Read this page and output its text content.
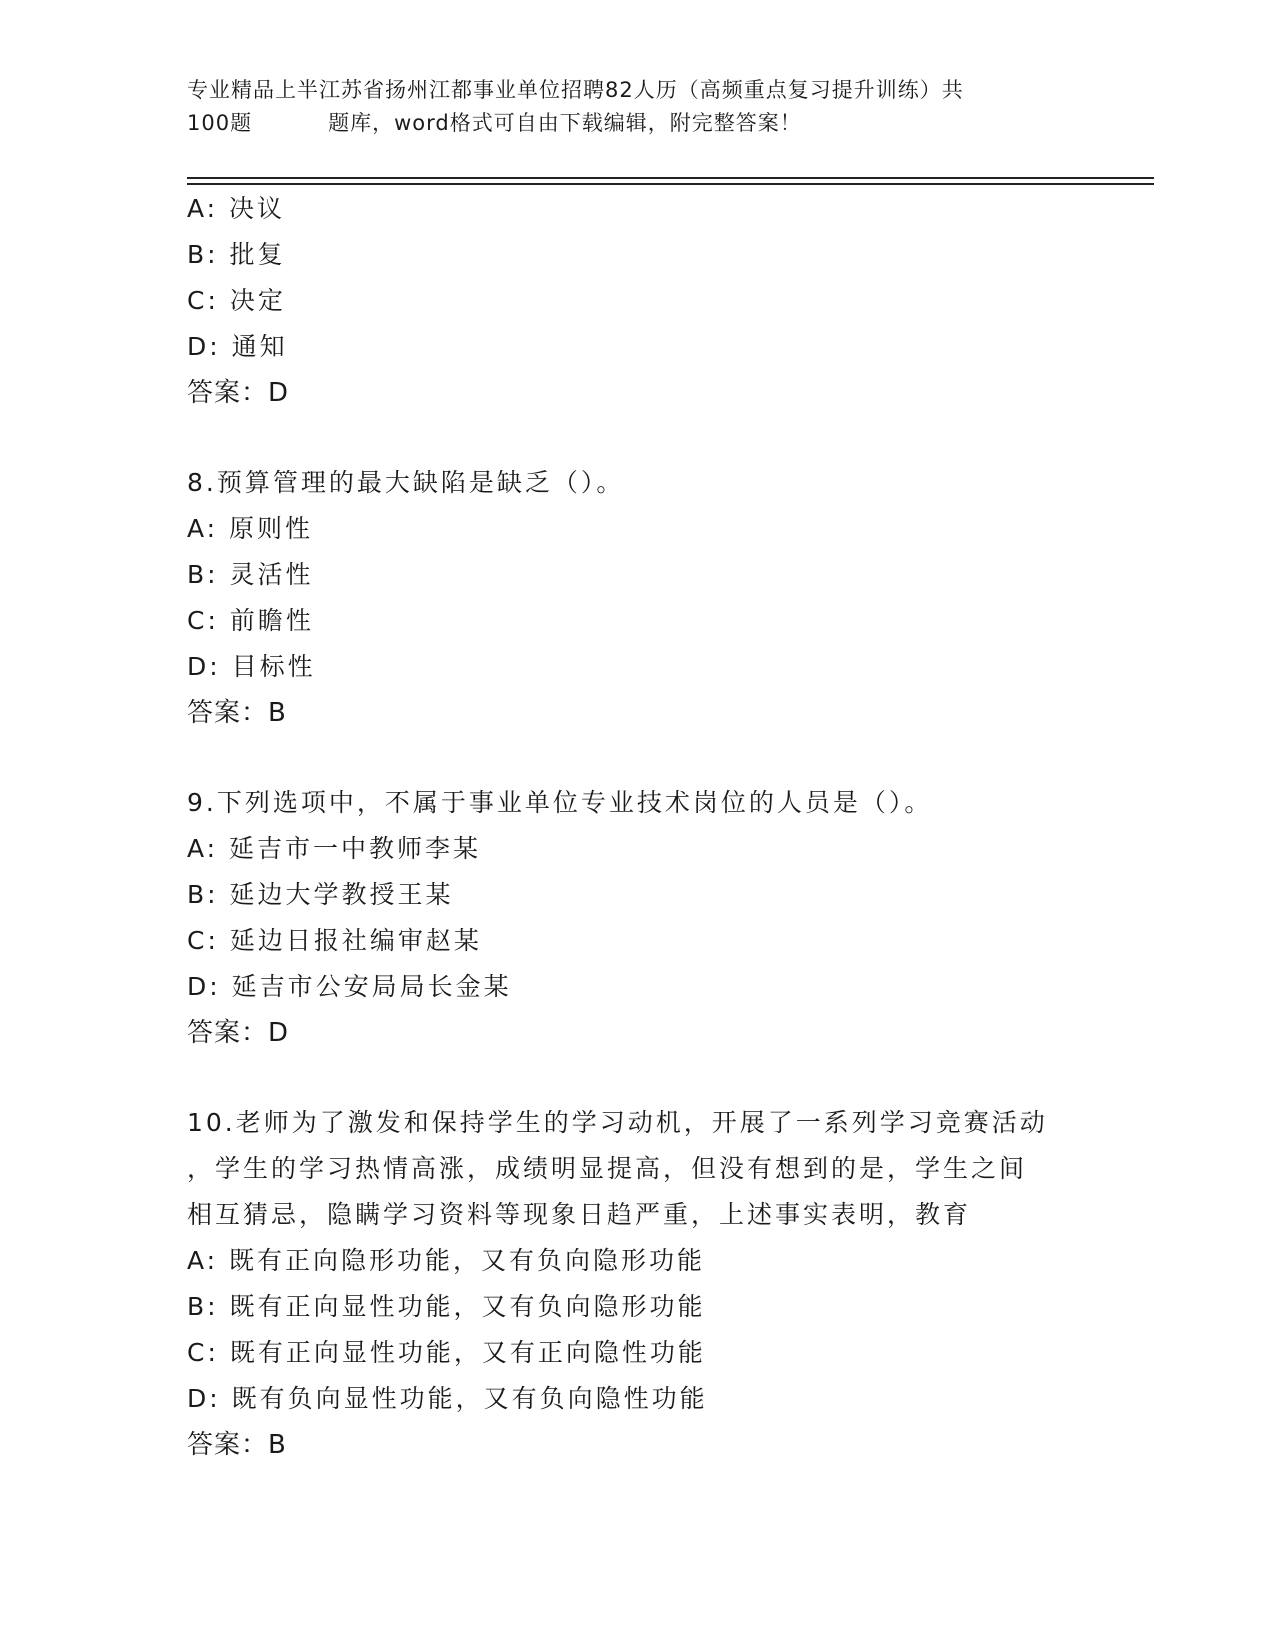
专业精品上半江苏省扬州江都事业单位招聘82人历（高频重点复习提升训练）共
100题	题库，word格式可自由下载编辑，附完整答案！
A: 决议
B: 批复
C: 决定
D: 通知
答案：D
8.预算管理的最大缺陷是缺乏（）。
A: 原则性
B: 灵活性
C: 前瞻性
D: 目标性
答案：B
9.下列选项中，不属于事业单位专业技术岗位的人员是（）。
A: 延吉市一中教师李某
B: 延边大学教授王某
C: 延边日报社编审赵某
D: 延吉市公安局局长金某
答案：D
10.老师为了激发和保持学生的学习动机，开展了一系列学习竞赛活动
，学生的学习热情高涨，成绩明显提高，但没有想到的是，学生之间
相互猜忌，隐瞒学习资料等现象日趋严重，上述事实表明，教育
A: 既有正向隐形功能，又有负向隐形功能
B: 既有正向显性功能，又有负向隐形功能
C: 既有正向显性功能，又有正向隐性功能
D: 既有负向显性功能，又有负向隐性功能
答案：B
